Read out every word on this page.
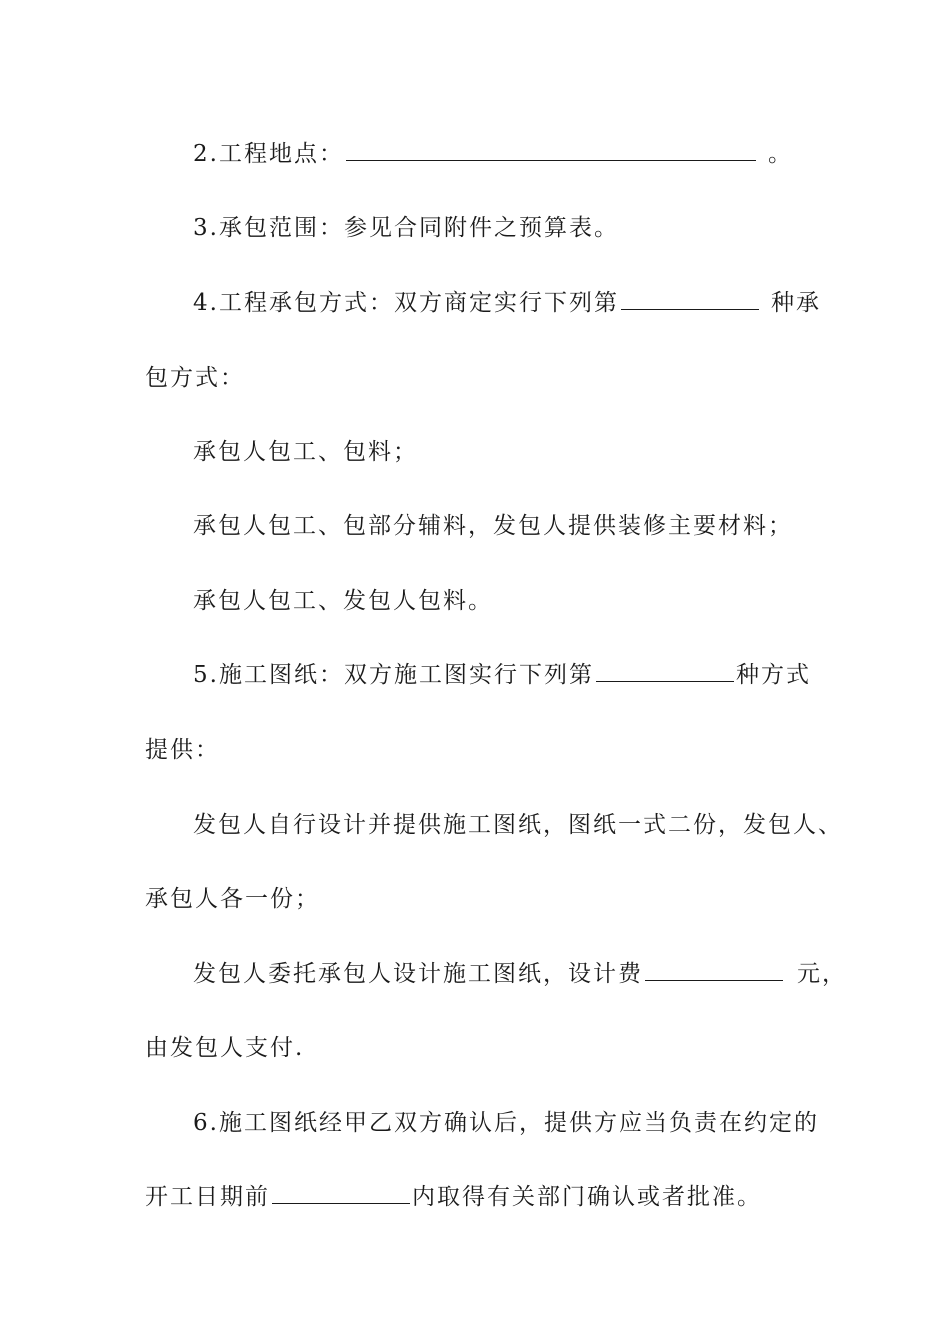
2.工程地点：	。
3.承包范围：参见合同附件之预算表。
4.工程承包方式：双方商定实行下列第	种承
包方式：
承包人包工、包料；
承包人包工、包部分辅料，发包人提供装修主要材料；
承包人包工、发包人包料。
5.施工图纸：双方施工图实行下列第	种方式
提供：
发包人自行设计并提供施工图纸，图纸一式二份，发包人、
承包人各一份；
发包人委托承包人设计施工图纸，设计费	元，
由发包人支付.
6.施工图纸经甲乙双方确认后，提供方应当负责在约定的
开工日期前	内取得有关部门确认或者批准。
